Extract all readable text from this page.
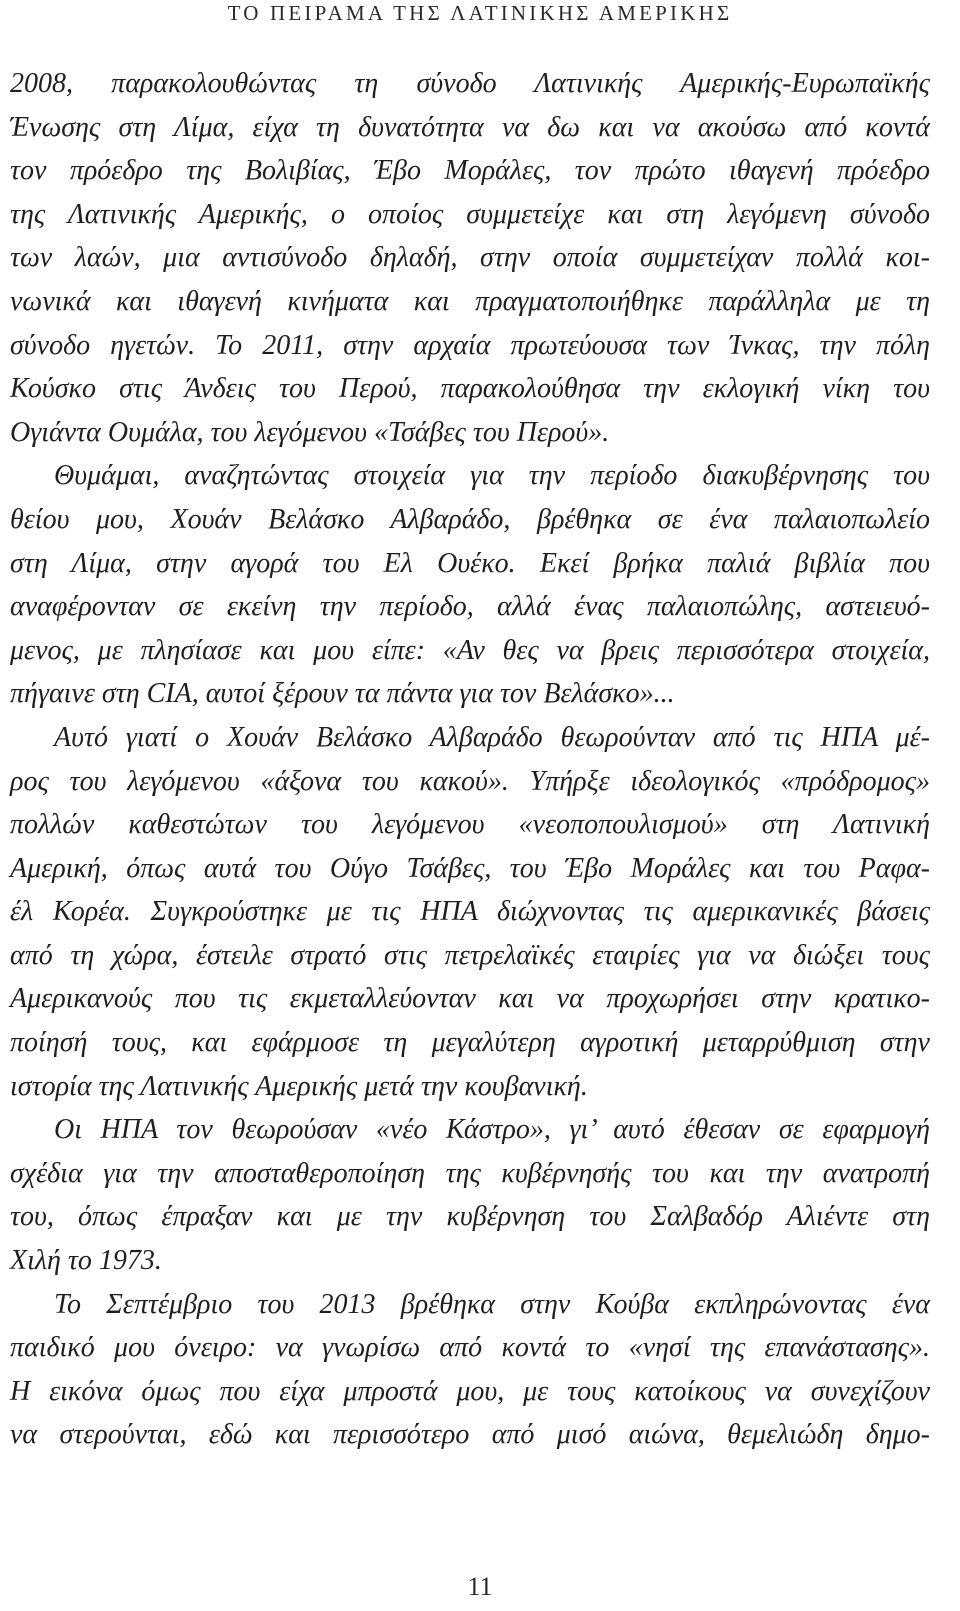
ΤΟ ΠΕΙΡΑΜΑ ΤΗΣ ΛΑΤΙΝΙΚΗΣ ΑΜΕΡΙΚΗΣ
2008, παρακολουθώντας τη σύνοδο Λατινικής Αμερικής-Ευρωπαϊκής
Ένωσης στη Λίμα, είχα τη δυνατότητα να δω και να ακούσω από κοντά
τον πρόεδρο της Βολιβίας, Έβο Μοράλες, τον πρώτο ιθαγενή πρόεδρο
της Λατινικής Αμερικής, ο οποίος συμμετείχε και στη λεγόμενη σύνοδο
των λαών, μια αντισύνοδο δηλαδή, στην οποία συμμετείχαν πολλά κοι-
νωνικά και ιθαγενή κινήματα και πραγματοποιήθηκε παράλληλα με τη
σύνοδο ηγετών. Το 2011, στην αρχαία πρωτεύουσα των Ίνκας, την πόλη
Κούσκο στις Άνδεις του Περού, παρακολούθησα την εκλογική νίκη του
Ογιάντα Ουμάλα, του λεγόμενου «Τσάβες του Περού».
Θυμάμαι, αναζητώντας στοιχεία για την περίοδο διακυβέρνησης του
θείου μου, Χουάν Βελάσκο Αλβαράδο, βρέθηκα σε ένα παλαιοπωλείο
στη Λίμα, στην αγορά του Ελ Ουέκο. Εκεί βρήκα παλιά βιβλία που
αναφέρονταν σε εκείνη την περίοδο, αλλά ένας παλαιοπώλης, αστειευό-
μενος, με πλησίασε και μου είπε: «Αν θες να βρεις περισσότερα στοιχεία,
πήγαινε στη CIA, αυτοί ξέρουν τα πάντα για τον Βελάσκο»...
Αυτό γιατί ο Χουάν Βελάσκο Αλβαράδο θεωρούνταν από τις ΗΠΑ μέ-
ρος του λεγόμενου «άξονα του κακού». Υπήρξε ιδεολογικός «πρόδρομος»
πολλών καθεστώτων του λεγόμενου «νεοποπουλισμού» στη Λατινική
Αμερική, όπως αυτά του Ούγο Τσάβες, του Έβο Μοράλες και του Ραφα-
έλ Κορέα. Συγκρούστηκε με τις ΗΠΑ διώχνοντας τις αμερικανικές βάσεις
από τη χώρα, έστειλε στρατό στις πετρελαϊκές εταιρίες για να διώξει τους
Αμερικανούς που τις εκμεταλλεύονταν και να προχωρήσει στην κρατικο-
ποίησή τους, και εφάρμοσε τη μεγαλύτερη αγροτική μεταρρύθμιση στην
ιστορία της Λατινικής Αμερικής μετά την κουβανική.
Οι ΗΠΑ τον θεωρούσαν «νέο Κάστρο», γι’ αυτό έθεσαν σε εφαρμογή
σχέδια για την αποσταθεροποίηση της κυβέρνησής του και την ανατροπή
του, όπως έπραξαν και με την κυβέρνηση του Σαλβαδόρ Αλιέντε στη
Χιλή το 1973.
Το Σεπτέμβριο του 2013 βρέθηκα στην Κούβα εκπληρώνοντας ένα
παιδικό μου όνειρο: να γνωρίσω από κοντά το «νησί της επανάστασης».
Η εικόνα όμως που είχα μπροστά μου, με τους κατοίκους να συνεχίζουν
να στερούνται, εδώ και περισσότερο από μισό αιώνα, θεμελιώδη δημο-
11
